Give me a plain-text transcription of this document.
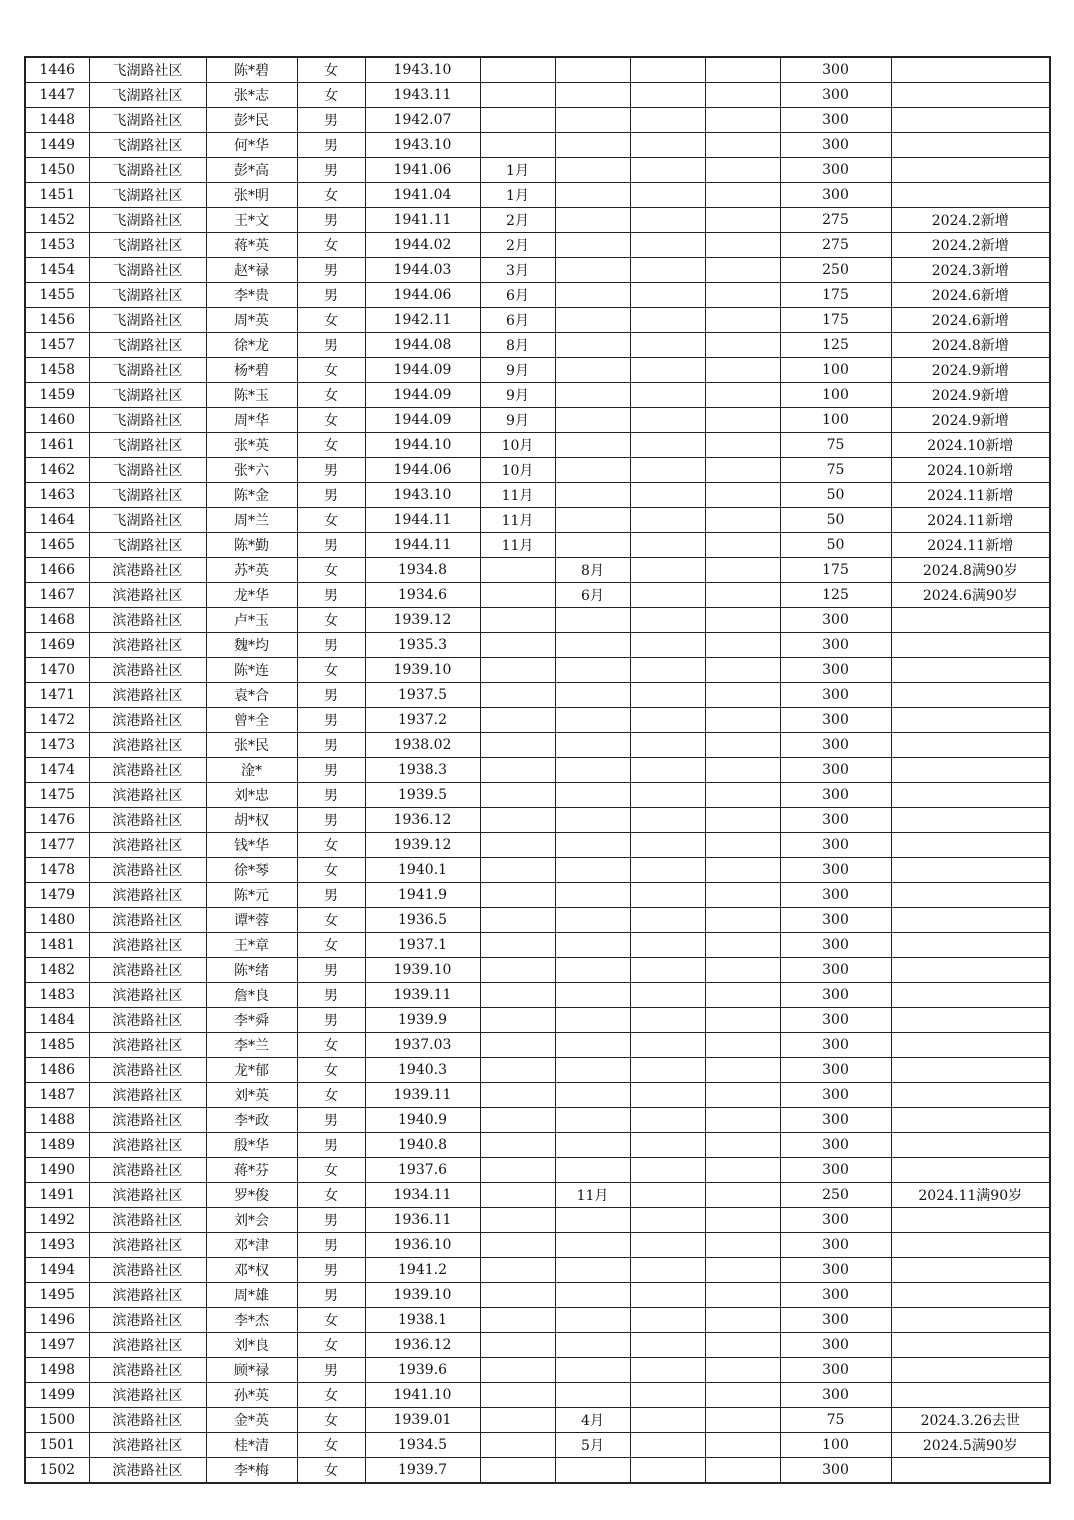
1446	飞湖路社区	陈*碧	女	1943.10					300	
1447	飞湖路社区	张*志	女	1943.11					300	
1448	飞湖路社区	彭*民	男	1942.07					300	
1449	飞湖路社区	何*华	男	1943.10					300	
1450	飞湖路社区	彭*高	男	1941.06	1月				300	
1451	飞湖路社区	张*明	女	1941.04	1月				300	
1452	飞湖路社区	王*文	男	1941.11	2月				275	2024.2新增
1453	飞湖路社区	蒋*英	女	1944.02	2月				275	2024.2新增
1454	飞湖路社区	赵*禄	男	1944.03	3月				250	2024.3新增
1455	飞湖路社区	李*贵	男	1944.06	6月				175	2024.6新增
1456	飞湖路社区	周*英	女	1942.11	6月				175	2024.6新增
1457	飞湖路社区	徐*龙	男	1944.08	8月				125	2024.8新增
1458	飞湖路社区	杨*碧	女	1944.09	9月				100	2024.9新增
1459	飞湖路社区	陈*玉	女	1944.09	9月				100	2024.9新增
1460	飞湖路社区	周*华	女	1944.09	9月				100	2024.9新增
1461	飞湖路社区	张*英	女	1944.10	10月				75	2024.10新增
1462	飞湖路社区	张*六	男	1944.06	10月				75	2024.10新增
1463	飞湖路社区	陈*金	男	1943.10	11月				50	2024.11新增
1464	飞湖路社区	周*兰	女	1944.11	11月				50	2024.11新增
1465	飞湖路社区	陈*勤	男	1944.11	11月				50	2024.11新增
1466	滨港路社区	苏*英	女	1934.8		8月			175	2024.8满90岁
1467	滨港路社区	龙*华	男	1934.6		6月			125	2024.6满90岁
1468	滨港路社区	卢*玉	女	1939.12					300	
1469	滨港路社区	魏*均	男	1935.3					300	
1470	滨港路社区	陈*连	女	1939.10					300	
1471	滨港路社区	袁*合	男	1937.5					300	
1472	滨港路社区	曾*全	男	1937.2					300	
1473	滨港路社区	张*民	男	1938.02					300	
1474	滨港路社区	淦*	男	1938.3					300	
1475	滨港路社区	刘*忠	男	1939.5					300	
1476	滨港路社区	胡*权	男	1936.12					300	
1477	滨港路社区	钱*华	女	1939.12					300	
1478	滨港路社区	徐*琴	女	1940.1					300	
1479	滨港路社区	陈*元	男	1941.9					300	
1480	滨港路社区	谭*蓉	女	1936.5					300	
1481	滨港路社区	王*章	女	1937.1					300	
1482	滨港路社区	陈*绪	男	1939.10					300	
1483	滨港路社区	詹*良	男	1939.11					300	
1484	滨港路社区	李*舜	男	1939.9					300	
1485	滨港路社区	李*兰	女	1937.03					300	
1486	滨港路社区	龙*郁	女	1940.3					300	
1487	滨港路社区	刘*英	女	1939.11					300	
1488	滨港路社区	李*政	男	1940.9					300	
1489	滨港路社区	殷*华	男	1940.8					300	
1490	滨港路社区	蒋*芬	女	1937.6					300	
1491	滨港路社区	罗*俊	女	1934.11		11月			250	2024.11满90岁
1492	滨港路社区	刘*会	男	1936.11					300	
1493	滨港路社区	邓*津	男	1936.10					300	
1494	滨港路社区	邓*权	男	1941.2					300	
1495	滨港路社区	周*雄	男	1939.10					300	
1496	滨港路社区	李*杰	女	1938.1					300	
1497	滨港路社区	刘*良	女	1936.12					300	
1498	滨港路社区	顾*禄	男	1939.6					300	
1499	滨港路社区	孙*英	女	1941.10					300	
1500	滨港路社区	金*英	女	1939.01		4月			75	2024.3.26去世
1501	滨港路社区	桂*清	女	1934.5		5月			100	2024.5满90岁
1502	滨港路社区	李*梅	女	1939.7					300	
